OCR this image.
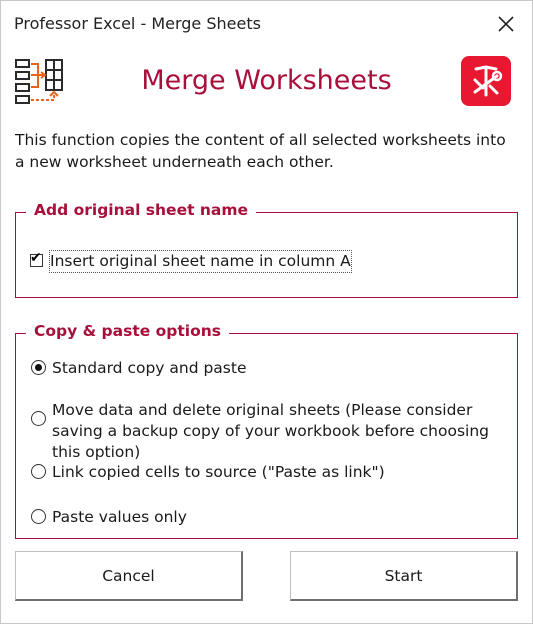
Professor Excel - Merge Sheets
Merge Worksheets

This function copies the content of all selected worksheets into a new worksheet underneath each other.

Add original sheet name
✔ Insert original sheet name in column A
Copy & paste options
Standard copy and paste
Move data and delete original sheets (Please consider saving a backup copy of your workbook before choosing this option)
Link copied cells to source ("Paste as link")
Paste values only
Cancel	Start
